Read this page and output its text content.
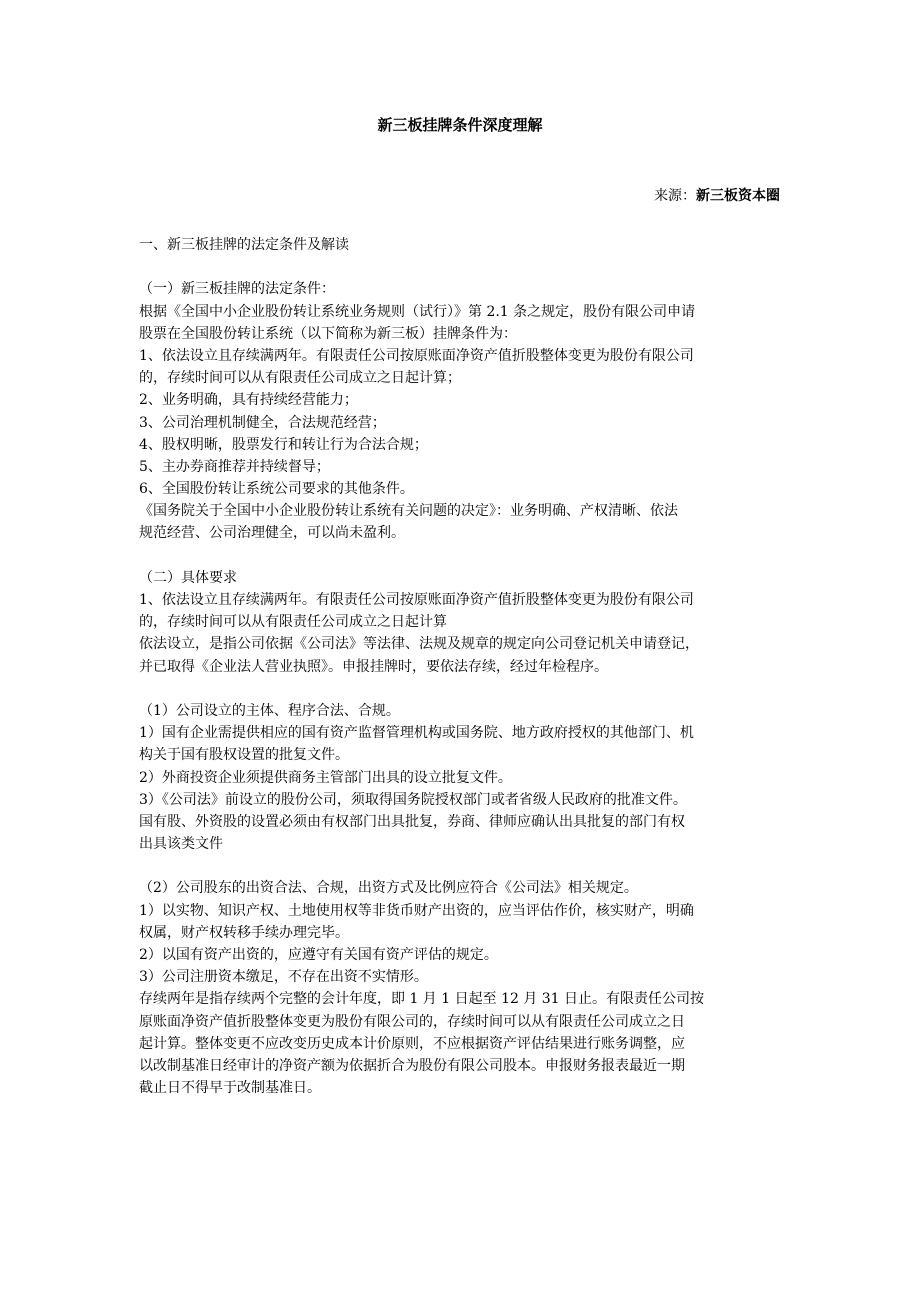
新三板挂牌条件深度理解
来源：新三板资本圈
一、新三板挂牌的法定条件及解读
（一）新三板挂牌的法定条件：
根据《全国中小企业股份转让系统业务规则（试行）》第 2.1 条之规定，股份有限公司申请
股票在全国股份转让系统（以下简称为新三板）挂牌条件为：
1、依法设立且存续满两年。有限责任公司按原账面净资产值折股整体变更为股份有限公司
的，存续时间可以从有限责任公司成立之日起计算；
2、业务明确，具有持续经营能力；
3、公司治理机制健全，合法规范经营；
4、股权明晰，股票发行和转让行为合法合规；
5、主办券商推荐并持续督导；
6、全国股份转让系统公司要求的其他条件。
《国务院关于全国中小企业股份转让系统有关问题的决定》：业务明确、产权清晰、依法
规范经营、公司治理健全，可以尚未盈利。
（二）具体要求
1、依法设立且存续满两年。有限责任公司按原账面净资产值折股整体变更为股份有限公司
的，存续时间可以从有限责任公司成立之日起计算
依法设立，是指公司依据《公司法》等法律、法规及规章的规定向公司登记机关申请登记，
并已取得《企业法人营业执照》。申报挂牌时，要依法存续，经过年检程序。
（1）公司设立的主体、程序合法、合规。
1）国有企业需提供相应的国有资产监督管理机构或国务院、地方政府授权的其他部门、机
构关于国有股权设置的批复文件。
2）外商投资企业须提供商务主管部门出具的设立批复文件。
3）《公司法》前设立的股份公司，须取得国务院授权部门或者省级人民政府的批准文件。
国有股、外资股的设置必须由有权部门出具批复，券商、律师应确认出具批复的部门有权
出具该类文件
（2）公司股东的出资合法、合规，出资方式及比例应符合《公司法》相关规定。
1）以实物、知识产权、土地使用权等非货币财产出资的，应当评估作价，核实财产，明确
权属，财产权转移手续办理完毕。
2）以国有资产出资的，应遵守有关国有资产评估的规定。
3）公司注册资本缴足，不存在出资不实情形。
存续两年是指存续两个完整的会计年度，即 1 月 1 日起至 12 月 31 日止。有限责任公司按
原账面净资产值折股整体变更为股份有限公司的，存续时间可以从有限责任公司成立之日
起计算。整体变更不应改变历史成本计价原则，不应根据资产评估结果进行账务调整，应
以改制基准日经审计的净资产额为依据折合为股份有限公司股本。申报财务报表最近一期
截止日不得早于改制基准日。
